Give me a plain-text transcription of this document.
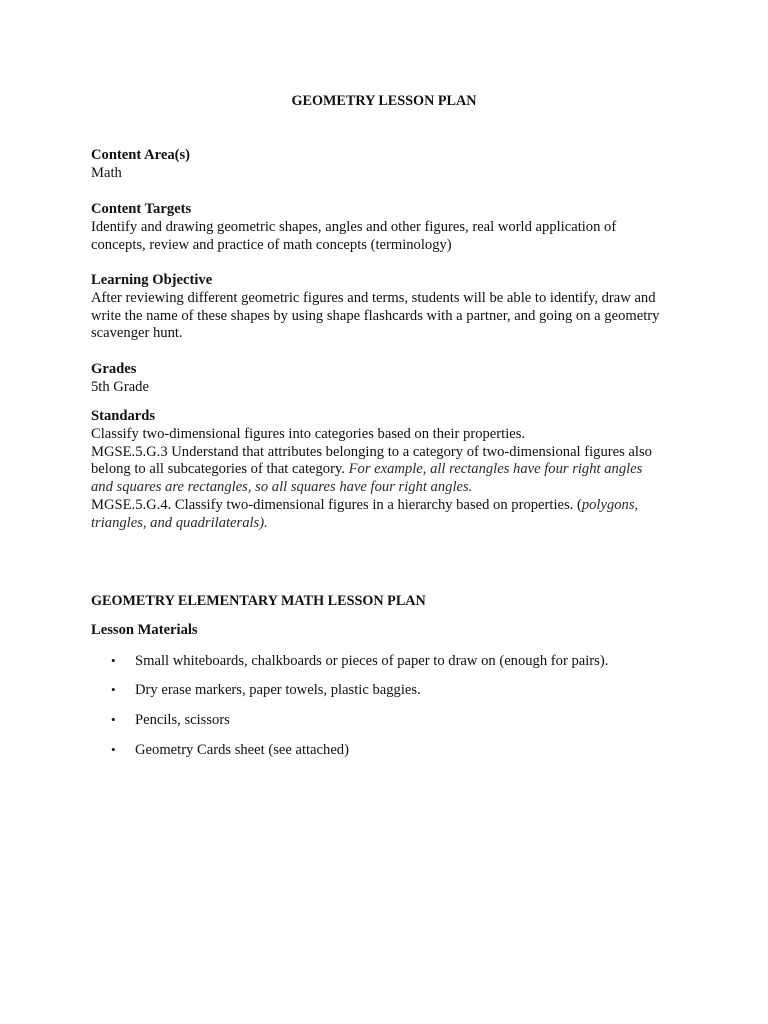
GEOMETRY LESSON PLAN
Content Area(s)
Math
Content Targets
Identify and drawing geometric shapes, angles and other figures, real world application of
concepts, review and practice of math concepts (terminology)
Learning Objective
After reviewing different geometric figures and terms, students will be able to identify, draw and
write the name of these shapes by using shape flashcards with a partner, and going on a geometry
scavenger hunt.
Grades
5th Grade
Standards
Classify two-dimensional figures into categories based on their properties.
MGSE.5.G.3 Understand that attributes belonging to a category of two-dimensional figures also
belong to all subcategories of that category. For example, all rectangles have four right angles
and squares are rectangles, so all squares have four right angles.
MGSE.5.G.4. Classify two-dimensional figures in a hierarchy based on properties. (polygons,
triangles, and quadrilaterals).
GEOMETRY ELEMENTARY MATH LESSON PLAN
Lesson Materials
• Small whiteboards, chalkboards or pieces of paper to draw on (enough for pairs).
• Dry erase markers, paper towels, plastic baggies.
• Pencils, scissors
• Geometry Cards sheet (see attached)
